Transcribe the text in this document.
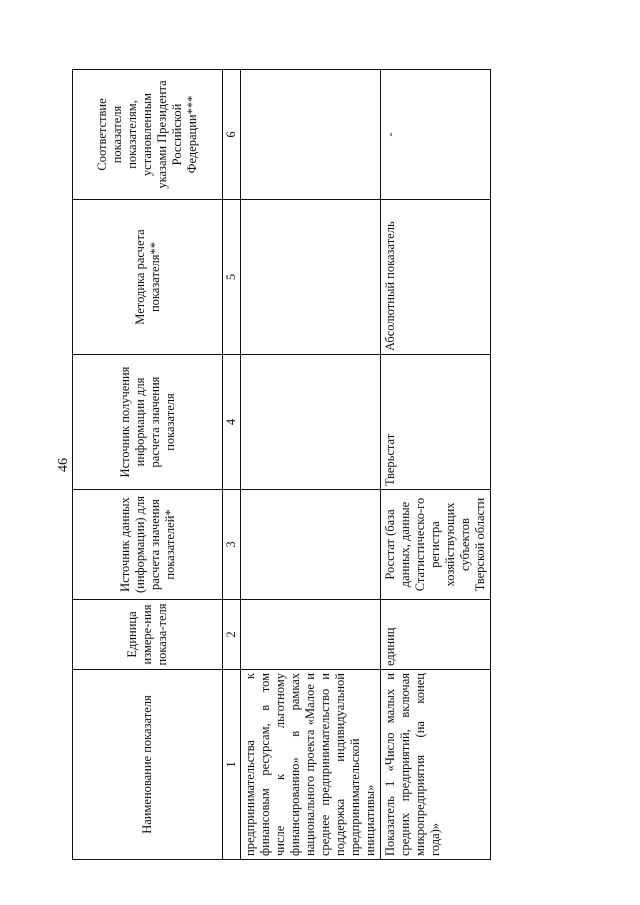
46
Наименование показателя	Единица измере-ния показа-теля	Источник данных (информации) для расчета значения показателей*	Источник получения информации для расчета значения показателя	Методика расчета показателя**	Соответствие показателя показателям, установленным указами Президента Российской Федерации***
1	2	3	4	5	6
предпринимательства к финансовым ресурсам, в том числе к льготному финансированию» в рамках национального проекта «Малое и среднее предпринимательство и поддержка индивидуальной предпринимательской инициативы»					
Показатель 1 «Число малых и средних предприятий, включая микропредприятия (на конец года)»	единиц	Росстат (база данных, данные Статистическо-го регистра хозяйствующих субъектов Тверской области	Тверьстат	Абсолютный показатель	-
